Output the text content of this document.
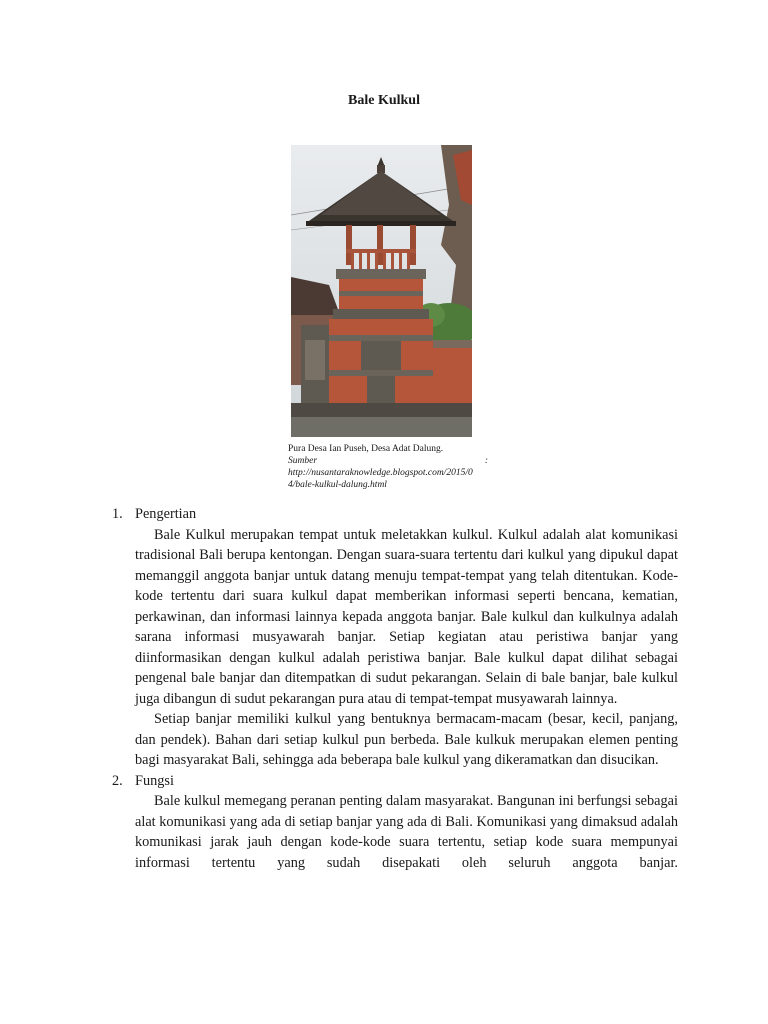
Bale Kulkul
Pura Desa Ian Puseh, Desa Adat Dalung.
Sumber	:
http://nusantaraknowledge.blogspot.com/2015/0
4/bale-kulkul-dalung.html
1. Pengertian
Bale Kulkul merupakan tempat untuk meletakkan kulkul. Kulkul adalah alat komunikasi tradisional Bali berupa kentongan. Dengan suara-suara tertentu dari kulkul yang dipukul dapat memanggil anggota banjar untuk datang menuju tempat-tempat yang telah ditentukan. Kode-kode tertentu dari suara kulkul dapat memberikan informasi seperti bencana, kematian, perkawinan, dan informasi lainnya kepada anggota banjar. Bale kulkul dan kulkulnya adalah sarana informasi musyawarah banjar. Setiap kegiatan atau peristiwa banjar yang diinformasikan dengan kulkul adalah peristiwa banjar. Bale kulkul dapat dilihat sebagai pengenal bale banjar dan ditempatkan di sudut pekarangan. Selain di bale banjar, bale kulkul juga dibangun di sudut pekarangan pura atau di tempat-tempat musyawarah lainnya.
Setiap banjar memiliki kulkul yang bentuknya bermacam-macam (besar, kecil, panjang, dan pendek). Bahan dari setiap kulkul pun berbeda. Bale kulkuk merupakan elemen penting bagi masyarakat Bali, sehingga ada beberapa bale kulkul yang dikeramatkan dan disucikan.
2. Fungsi
Bale kulkul memegang peranan penting dalam masyarakat. Bangunan ini berfungsi sebagai alat komunikasi yang ada di setiap banjar yang ada di Bali. Komunikasi yang dimaksud adalah komunikasi jarak jauh dengan kode-kode suara tertentu, setiap kode suara mempunyai informasi tertentu yang sudah disepakati oleh seluruh anggota banjar.
